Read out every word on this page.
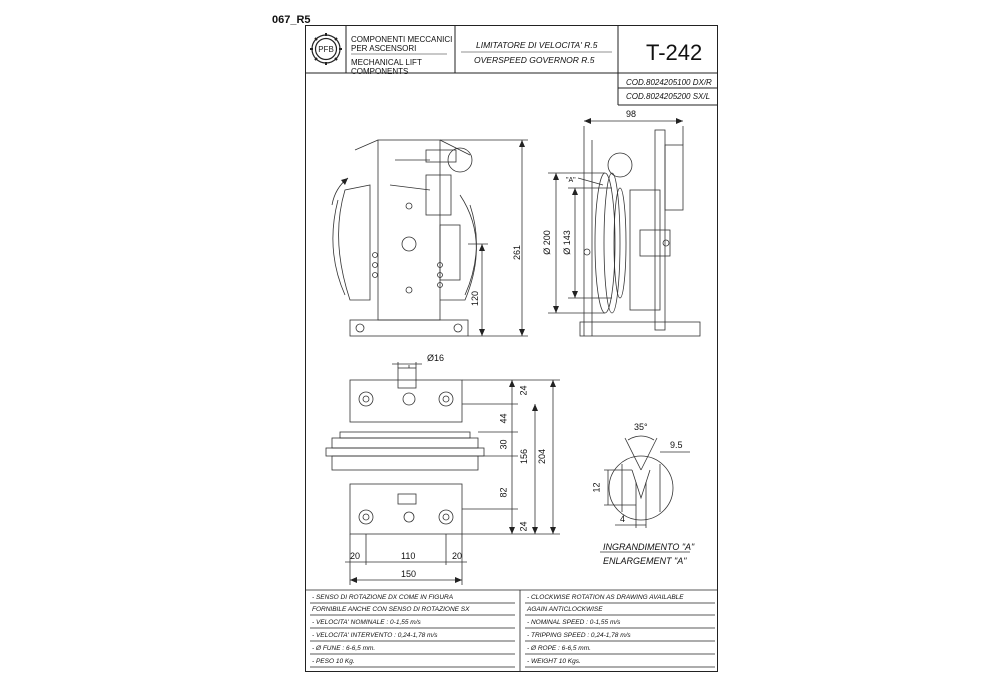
067_R5
COMPONENTI MECCANICI
PER ASCENSORI
MECHANICAL LIFT
COMPONENTS
LIMITATORE DI VELOCITA' R.5
OVERSPEED GOVERNOR R.5 T-242
COD.8024205100 DX/R
COD.8024205200 SX/L
PFB
98
261
120
Ø 200 Ø 143
"A"
Ø16
24
44
30
156 204
82
24
20	110	20
150
35°
9.5
12
4
INGRANDIMENTO "A"
ENLARGEMENT "A"
- SENSO DI ROTAZIONE DX COME IN FIGURA
FORNIBILE ANCHE CON SENSO DI ROTAZIONE SX
- VELOCITA' NOMINALE : 0-1,55 m/s
- VELOCITA' INTERVENTO : 0,24-1,78 m/s
- Ø FUNE : 6-6,5 mm.
- PESO 10 Kg.
- CLOCKWISE ROTATION AS DRAWING AVAILABLE
AGAIN ANTICLOCKWISE
- NOMINAL SPEED : 0-1,55 m/s
- TRIPPING SPEED : 0,24-1,78 m/s
- Ø ROPE : 6-6,5 mm.
- WEIGHT 10 Kgs.
